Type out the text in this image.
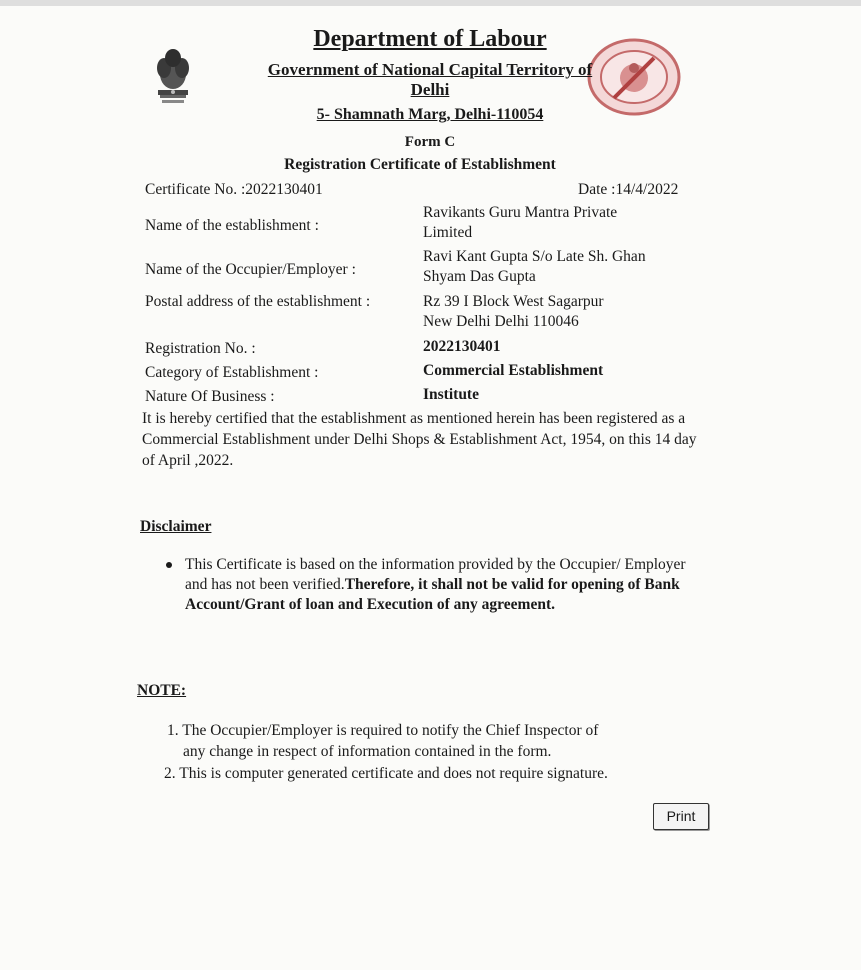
Department of Labour
Government of National Capital Territory of
Delhi
5- Shamnath Marg, Delhi-110054
Form C
Registration Certificate of Establishment
Certificate No. :2022130401	Date :14/4/2022
Name of the establishment :
Ravikants Guru Mantra Private
Limited
Name of the Occupier/Employer :
Ravi Kant Gupta S/o Late Sh. Ghan
Shyam Das Gupta
Postal address of the establishment :	Rz 39 I Block West Sagarpur
New Delhi Delhi 110046
Registration No. :	2022130401
Category of Establishment :	Commercial Establishment
Nature Of Business :	Institute
It is hereby certified that the establishment as mentioned herein has been registered as a Commercial Establishment under Delhi Shops & Establishment Act, 1954, on this 14 day of April ,2022.
Disclaimer
This Certificate is based on the information provided by the Occupier/ Employer and has not been verified.Therefore, it shall not be valid for opening of Bank Account/Grant of loan and Execution of any agreement.
NOTE:
1. The Occupier/Employer is required to notify the Chief Inspector of
any change in respect of information contained in the form.
2. This is computer generated certificate and does not require signature.
Print
